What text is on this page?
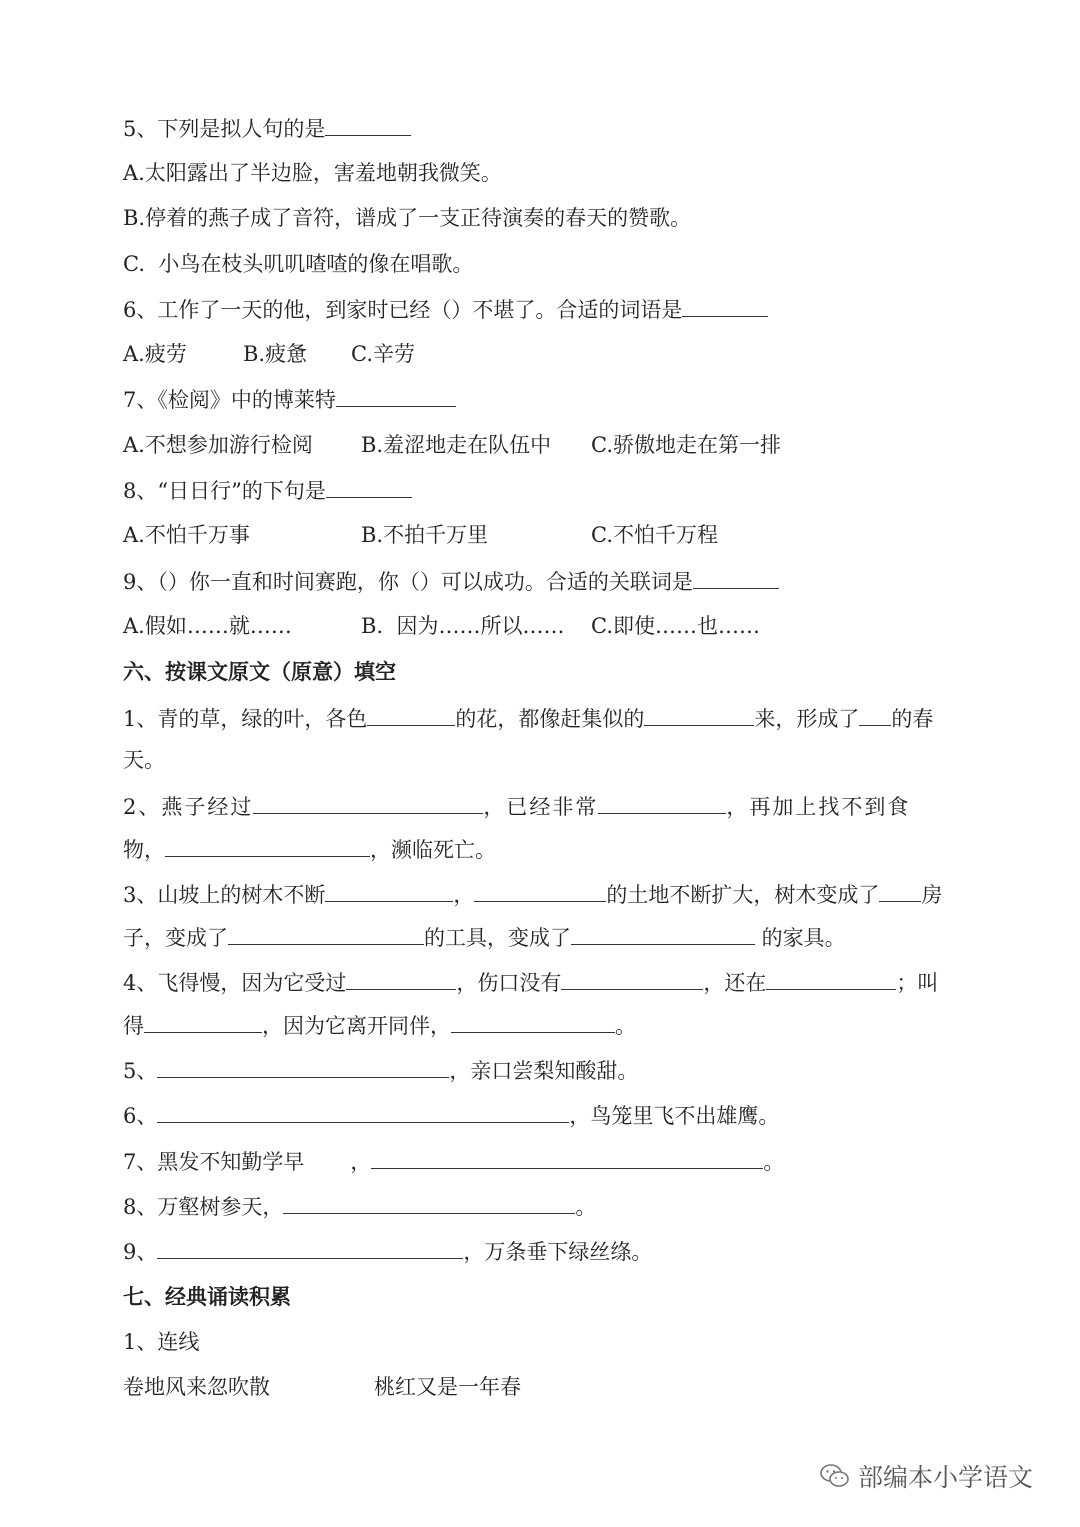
5、下列是拟人句的是
A.太阳露出了半边脸，害羞地朝我微笑。
B.停着的燕子成了音符，谱成了一支正待演奏的春天的赞歌。
C.  小鸟在枝头叽叽喳喳的像在唱歌。
6、工作了一天的他，到家时已经（）不堪了。合适的词语是
A.疲劳	B.疲惫 C.辛劳
7、《检阅》中的博莱特
A.不想参加游行检阅 B.羞涩地走在队伍中 C.骄傲地走在第一排
8、“日日行”的下句是
A.不怕千万事	B.不拍千万里	C.不怕千万程
9、（）你一直和时间赛跑，你（）可以成功。合适的关联词是
A.假如……就……	B.  因为……所以…… C.即使……也……
六、按课文原文（原意）填空
1、青的草，绿的叶，各色	的花，都像赶集似的	来，形成了 的春
天。
2、燕子经过	，已经非常	，再加上找不到食
物，	，濒临死亡。
3、山坡上的树木不断	，	的土地不断扩大，树木变成了 房
子，变成了	的工具，变成了	的家具。
4、飞得慢，因为它受过	，伤口没有	，还在	；叫
得	，因为它离开同伴，	。
5、	，亲口尝梨知酸甜。
6、	，鸟笼里飞不出雄鹰。
7、黑发不知勤学早 ，	。
8、万壑树参天，	。
9、	，万条垂下绿丝绦。
七、经典诵读积累
1、连线
卷地风来忽吹散	桃红又是一年春
部编本小学语文
